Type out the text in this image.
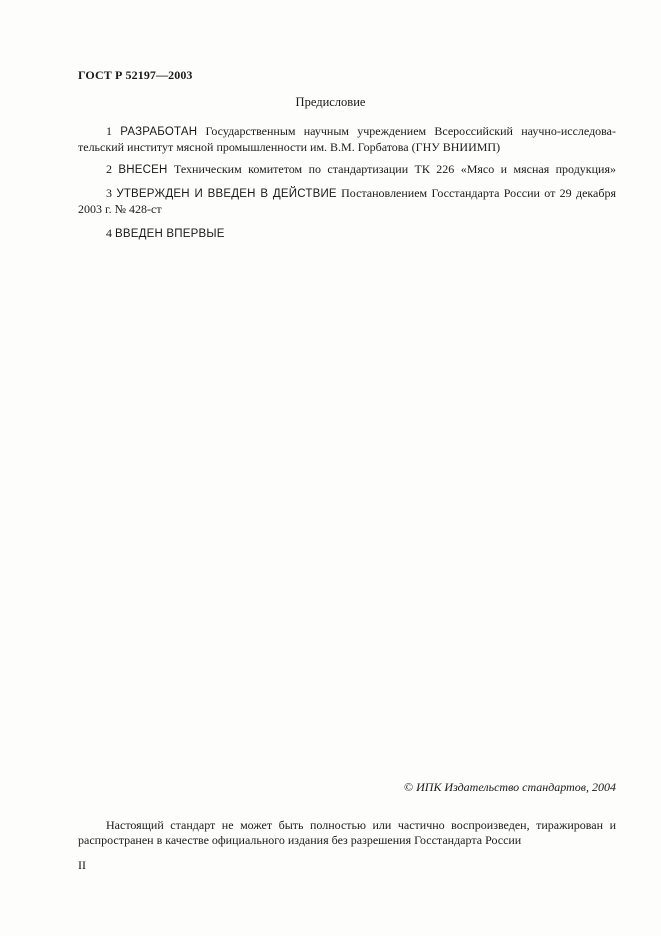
ГОСТ Р 52197—2003
Предисловие
1 РАЗРАБОТАН Государственным научным учреждением Всероссийский научно-исследова-
тельский институт мясной промышленности им. В.М. Горбатова (ГНУ ВНИИМП)
2 ВНЕСЕН Техническим комитетом по стандартизации ТК 226 «Мясо и мясная продукция»
3 УТВЕРЖДЕН И ВВЕДЕН В ДЕЙСТВИЕ Постановлением Госстандарта России от 29 декабря
2003 г. № 428-ст
4 ВВЕДЕН ВПЕРВЫЕ
© ИПК Издательство стандартов, 2004
Настоящий стандарт не может быть полностью или частично воспроизведен, тиражирован и
распространен в качестве официального издания без разрешения Госстандарта России
II
